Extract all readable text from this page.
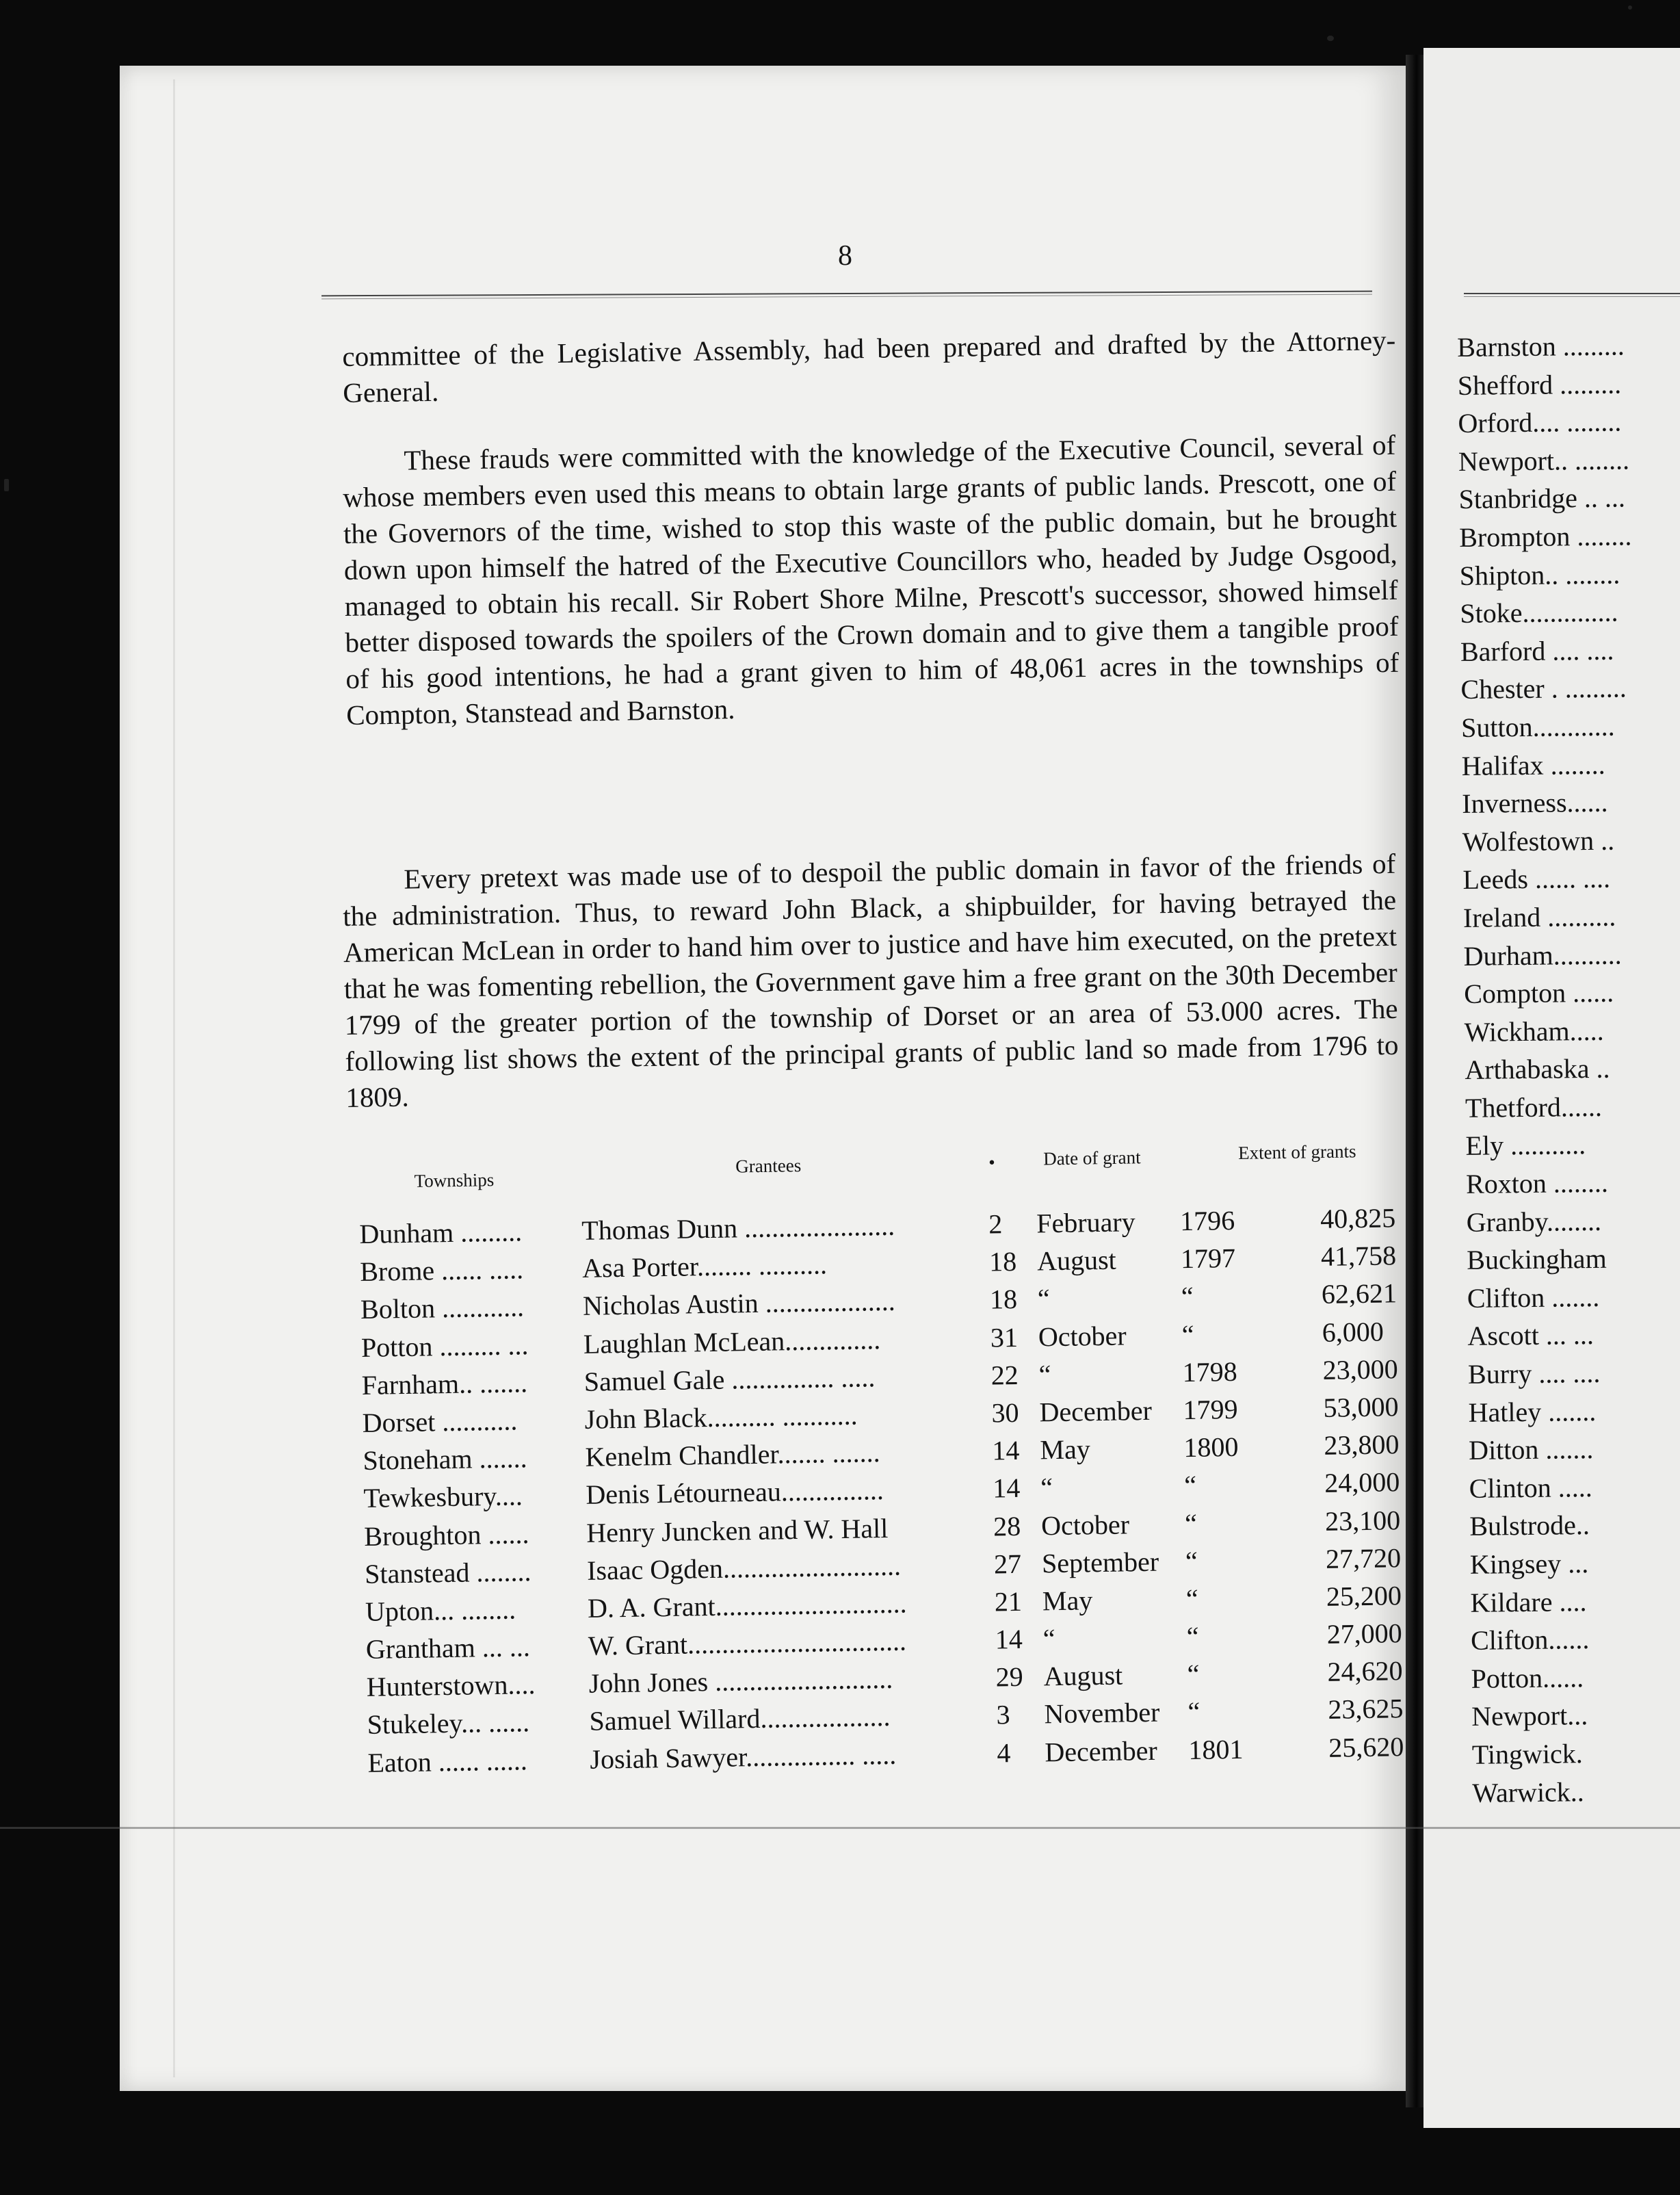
8

committee of the Legislative Assembly, had been prepared and drafted by the Attorney-General.

These frauds were committed with the knowledge of the Executive Council, several of whose members even used this means to obtain large grants of public lands. Prescott, one of the Governors of the time, wished to stop this waste of the public domain, but he brought down upon himself the hatred of the Executive Councillors who, headed by Judge Osgood, managed to obtain his recall. Sir Robert Shore Milne, Prescott's successor, showed himself better disposed towards the spoilers of the Crown domain and to give them a tangible proof of his good intentions, he had a grant given to him of 48,061 acres in the townships of Compton, Stanstead and Barnston.

Every pretext was made use of to despoil the public domain in favor of the friends of the administration. Thus, to reward John Black, a shipbuilder, for having betrayed the American McLean in order to hand him over to justice and have him executed, on the pretext that he was fomenting rebellion, the Government gave him a free grant on the 30th December 1799 of the greater portion of the township of Dorset or an area of 53.000 acres. The following list shows the extent of the principal grants of public land so made from 1796 to 1809.

Townships
Grantees	•	Date of grant	Extent of grants
Dunham ......... Thomas Dunn ......................	2 February 1796	40,825
Brome ...... ..... Asa Porter........ ..........	18 August 1797	41,758
Bolton ............ Nicholas Austin ...................	18 “	“	62,621
Potton ......... ... Laughlan McLean..............	31 October “	6,000
Farnham.. ....... Samuel Gale ............... .....	22 “	1798	23,000
Dorset ........... John Black.......... ...........	30 December 1799	53,000
Stoneham ....... Kenelm Chandler....... .......	14 May	1800	23,800
Tewkesbury.... Denis Létourneau...............	14 “	“	24,000
Broughton ...... Henry Juncken and W. Hall	28 October “	23,100
Stanstead ........ Isaac Ogden..........................	27 September “	27,720
Upton... ........	D. A. Grant............................	21 May	“	25,200
Grantham ... ... W. Grant................................	14 “	“	27,000
Hunterstown.... John Jones ..........................	29 August “	24,620
Stukeley... ...... Samuel Willard...................	3 November “	23,625
Eaton ...... ...... Josiah Sawyer................ .....	4 December 1801	25,620
Barnston .........
Shefford .........
Orford.... ........
Newport.. ........
Stanbridge .. ...
Brompton ........
Shipton.. ........
Stoke..............
Barford .... ....
Chester . .........
Sutton............
Halifax ........
Inverness......
Wolfestown ..
Leeds ...... ....
Ireland ..........
Durham..........
Compton ......
Wickham.....
Arthabaska ..
Thetford......
Ely ...........
Roxton ........
Granby........
Buckingham
Clifton .......
Ascott ... ...
Burry .... ....
Hatley .......
Ditton .......
Clinton .....
Bulstrode..
Kingsey ...
Kildare ....
Clifton......
Potton......
Newport...
Tingwick.
Warwick..
